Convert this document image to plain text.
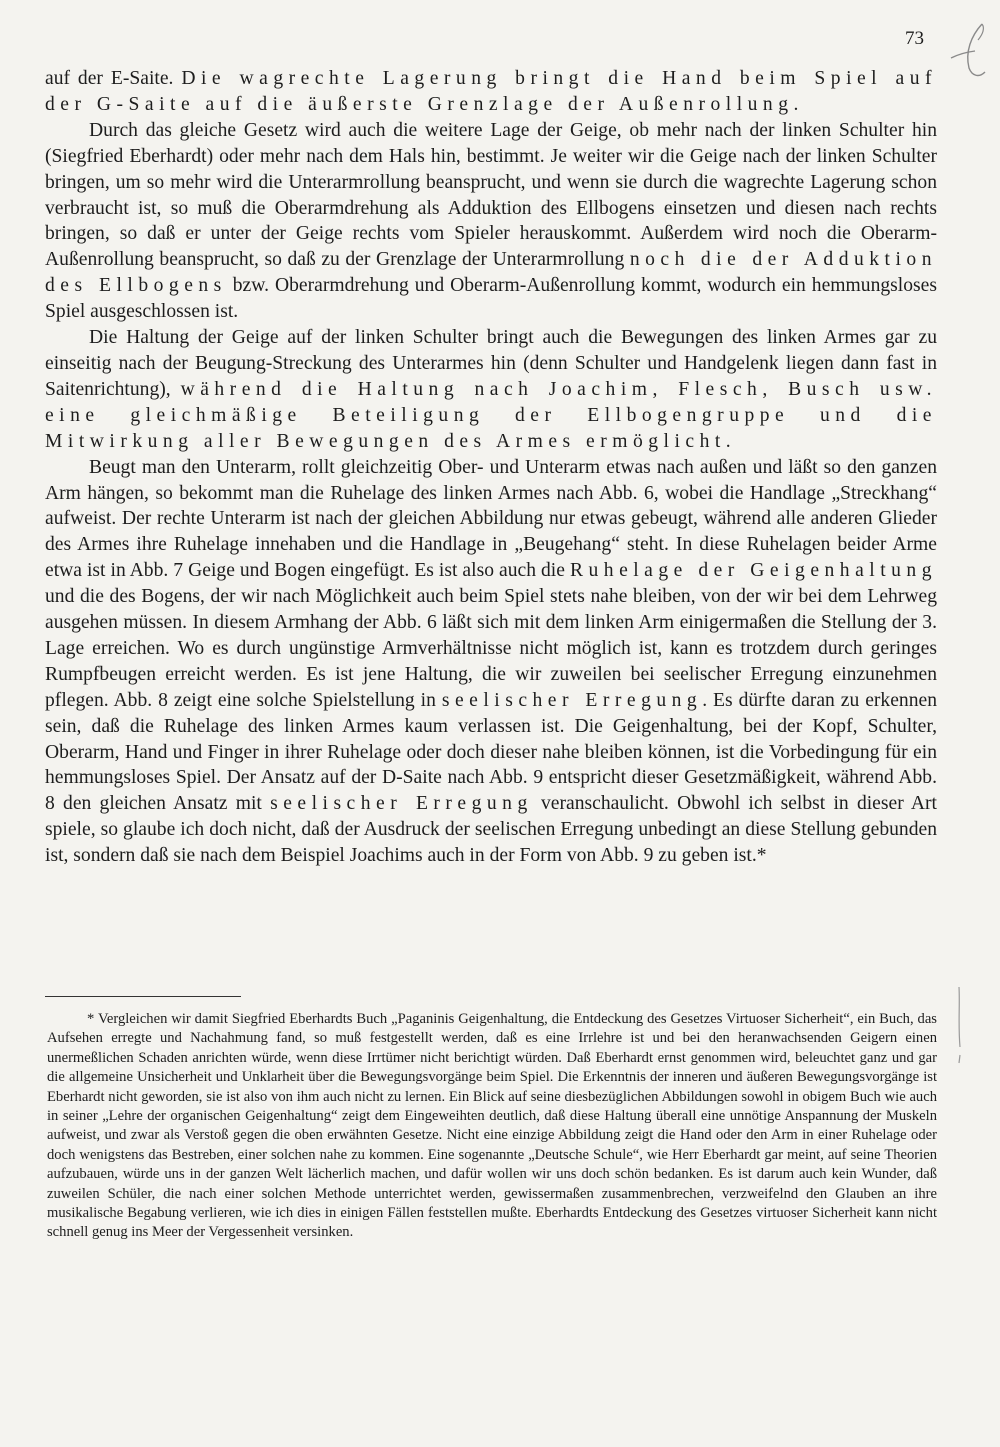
73

auf der E-Saite. Die wagrechte Lagerung bringt die Hand beim Spiel auf der G-Saite auf die äußerste Grenzlage der Außenrollung.

Durch das gleiche Gesetz wird auch die weitere Lage der Geige, ob mehr nach der linken Schulter hin (Siegfried Eberhardt) oder mehr nach dem Hals hin, bestimmt. Je weiter wir die Geige nach der linken Schulter bringen, um so mehr wird die Unterarmrollung beansprucht, und wenn sie durch die wagrechte Lagerung schon verbraucht ist, so muß die Oberarmdrehung als Adduktion des Ellbogens einsetzen und diesen nach rechts bringen, so daß er unter der Geige rechts vom Spieler herauskommt. Außerdem wird noch die Oberarm-Außenrollung beansprucht, so daß zu der Grenzlage der Unterarmrollung noch die der Adduktion des Ellbogens bzw. Oberarmdrehung und Oberarm-Außenrollung kommt, wodurch ein hemmungsloses Spiel ausgeschlossen ist.

Die Haltung der Geige auf der linken Schulter bringt auch die Bewegungen des linken Armes gar zu einseitig nach der Beugung-Streckung des Unterarmes hin (denn Schulter und Handgelenk liegen dann fast in Saitenrichtung), während die Haltung nach Joachim, Flesch, Busch usw. eine gleichmäßige Beteiligung der Ellbogengruppe und die Mitwirkung aller Bewegungen des Armes ermöglicht.

Beugt man den Unterarm, rollt gleichzeitig Ober- und Unterarm etwas nach außen und läßt so den ganzen Arm hängen, so bekommt man die Ruhelage des linken Armes nach Abb. 6, wobei die Handlage „Streckhang“ aufweist. Der rechte Unterarm ist nach der gleichen Abbildung nur etwas gebeugt, während alle anderen Glieder des Armes ihre Ruhelage innehaben und die Handlage in „Beugehang“ steht. In diese Ruhelagen beider Arme etwa ist in Abb. 7 Geige und Bogen eingefügt. Es ist also auch die Ruhelage der Geigenhaltung und die des Bogens, der wir nach Möglichkeit auch beim Spiel stets nahe bleiben, von der wir bei dem Lehrweg ausgehen müssen. In diesem Armhang der Abb. 6 läßt sich mit dem linken Arm einigermaßen die Stellung der 3. Lage erreichen. Wo es durch ungünstige Armverhältnisse nicht möglich ist, kann es trotzdem durch geringes Rumpfbeugen erreicht werden. Es ist jene Haltung, die wir zuweilen bei seelischer Erregung einzunehmen pflegen. Abb. 8 zeigt eine solche Spielstellung in seelischer Erregung. Es dürfte daran zu erkennen sein, daß die Ruhelage des linken Armes kaum verlassen ist. Die Geigenhaltung, bei der Kopf, Schulter, Oberarm, Hand und Finger in ihrer Ruhelage oder doch dieser nahe bleiben können, ist die Vorbedingung für ein hemmungsloses Spiel. Der Ansatz auf der D-Saite nach Abb. 9 entspricht dieser Gesetzmäßigkeit, während Abb. 8 den gleichen Ansatz mit seelischer Erregung veranschaulicht. Obwohl ich selbst in dieser Art spiele, so glaube ich doch nicht, daß der Ausdruck der seelischen Erregung unbedingt an diese Stellung gebunden ist, sondern daß sie nach dem Beispiel Joachims auch in der Form von Abb. 9 zu geben ist.*

* Vergleichen wir damit Siegfried Eberhardts Buch „Paganinis Geigenhaltung, die Entdeckung des Gesetzes Virtuoser Sicherheit“, ein Buch, das Aufsehen erregte und Nachahmung fand, so muß festgestellt werden, daß es eine Irrlehre ist und bei den heranwachsenden Geigern einen unermeßlichen Schaden anrichten würde, wenn diese Irrtümer nicht berichtigt würden. Daß Eberhardt ernst genommen wird, beleuchtet ganz und gar die allgemeine Unsicherheit und Unklarheit über die Bewegungsvorgänge beim Spiel. Die Erkenntnis der inneren und äußeren Bewegungsvorgänge ist Eberhardt nicht geworden, sie ist also von ihm auch nicht zu lernen. Ein Blick auf seine diesbezüglichen Abbildungen sowohl in obigem Buch wie auch in seiner „Lehre der organischen Geigenhaltung“ zeigt dem Eingeweihten deutlich, daß diese Haltung überall eine unnötige Anspannung der Muskeln aufweist, und zwar als Verstoß gegen die oben erwähnten Gesetze. Nicht eine einzige Abbildung zeigt die Hand oder den Arm in einer Ruhelage oder doch wenigstens das Bestreben, einer solchen nahe zu kommen. Eine sogenannte „Deutsche Schule“, wie Herr Eberhardt gar meint, auf seine Theorien aufzubauen, würde uns in der ganzen Welt lächerlich machen, und dafür wollen wir uns doch schön bedanken. Es ist darum auch kein Wunder, daß zuweilen Schüler, die nach einer solchen Methode unterrichtet werden, gewissermaßen zusammenbrechen, verzweifelnd den Glauben an ihre musikalische Begabung verlieren, wie ich dies in einigen Fällen feststellen mußte. Eberhardts Entdeckung des Gesetzes virtuoser Sicherheit kann nicht schnell genug ins Meer der Vergessenheit versinken.
